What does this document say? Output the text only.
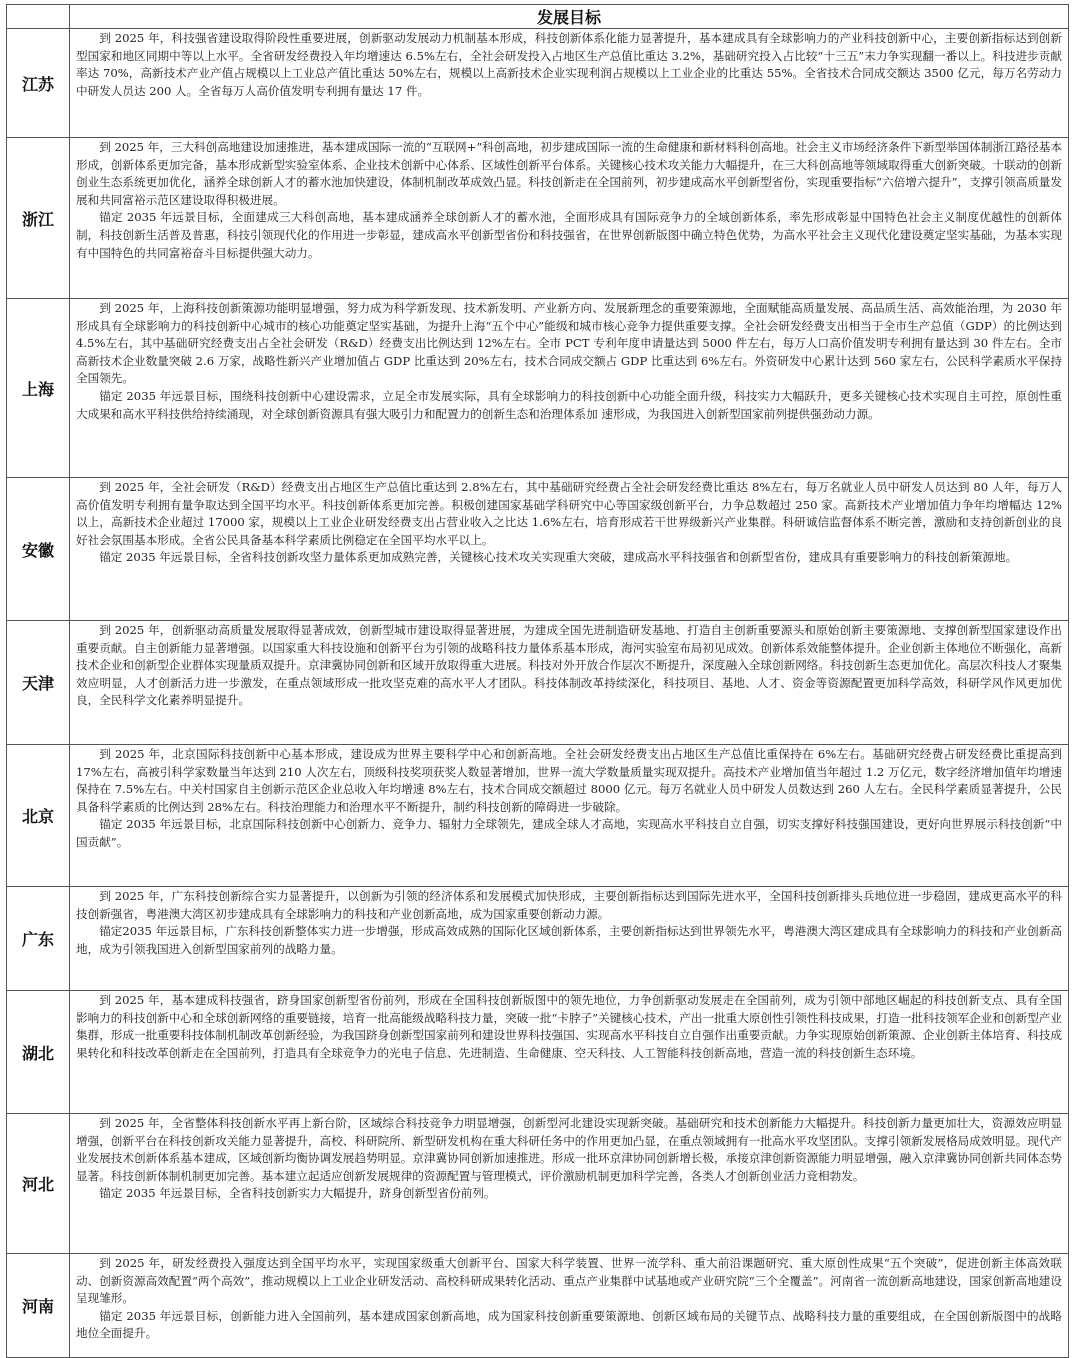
	发展目标
江苏	到 2025 年，科技强省建设取得阶段性重要进展，创新驱动发展动力机制基本形成，科技创新体系化能力显著提升，基本建成具有全球影响力的产业科技创新中心，主要创新指标达到创新型国家和地区同期中等以上水平。全省研发经费投入年均增速达 6.5%左右，全社会研发投入占地区生产总值比重达 3.2%，基础研究投入占比较“十三五”末力争实现翻一番以上。科技进步贡献率达 70%，高新技术产业产值占规模以上工业总产值比重达 50%左右，规模以上高新技术企业实现利润占规模以上工业企业的比重达 55%。全省技术合同成交额达 3500 亿元，每万名劳动力中研发人员达 200 人。全省每万人高价值发明专利拥有量达 17 件。

浙江	到 2025 年，三大科创高地建设加速推进，基本建成国际一流的“互联网+”科创高地，初步建成国际一流的生命健康和新材料科创高地。社会主义市场经济条件下新型举国体制浙江路径基本形成，创新体系更加完备，基本形成新型实验室体系、企业技术创新中心体系、区域性创新平台体系。关键核心技术攻关能力大幅提升，在三大科创高地等领域取得重大创新突破。十联动的创新创业生态系统更加优化，涵养全球创新人才的蓄水池加快建设，体制机制改革成效凸显。科技创新走在全国前列，初步建成高水平创新型省份，实现重要指标“六倍增六提升”，支撑引领高质量发展和共同富裕示范区建设取得积极进展。

锚定 2035 年远景目标，全面建成三大科创高地，基本建成涵养全球创新人才的蓄水池，全面形成具有国际竞争力的全域创新体系，率先形成彰显中国特色社会主义制度优越性的创新体制，科技创新生活普及普惠，科技引领现代化的作用进一步彰显，建成高水平创新型省份和科技强省，在世界创新版图中确立特色优势，为高水平社会主义现代化建设奠定坚实基础，为基本实现有中国特色的共同富裕奋斗目标提供强大动力。

上海	到 2025 年，上海科技创新策源功能明显增强，努力成为科学新发现、技术新发明、产业新方向、发展新理念的重要策源地，全面赋能高质量发展、高品质生活、高效能治理，为 2030 年形成具有全球影响力的科技创新中心城市的核心功能奠定坚实基础，为提升上海“五个中心”能级和城市核心竞争力提供重要支撑。全社会研发经费支出相当于全市生产总值（GDP）的比例达到 4.5%左右，其中基础研究经费支出占全社会研发（R&D）经费支出比例达到 12%左右。全市 PCT 专利年度申请量达到 5000 件左右，每万人口高价值发明专利拥有量达到 30 件左右。全市高新技术企业数量突破 2.6 万家，战略性新兴产业增加值占 GDP 比重达到 20%左右，技术合同成交额占 GDP 比重达到 6%左右。外资研发中心累计达到 560 家左右，公民科学素质水平保持全国领先。

锚定 2035 年远景目标，围绕科技创新中心建设需求，立足全市发展实际，具有全球影响力的科技创新中心功能全面升级，科技实力大幅跃升，更多关键核心技术实现自主可控，原创性重大成果和高水平科技供给持续涌现，对全球创新资源具有强大吸引力和配置力的创新生态和治理体系加 速形成，为我国进入创新型国家前列提供强劲动力源。

安徽	到 2025 年，全社会研发（R&D）经费支出占地区生产总值比重达到 2.8%左右，其中基础研究经费占全社会研发经费比重达 8%左右，每万名就业人员中研发人员达到 80 人年，每万人高价值发明专利拥有量争取达到全国平均水平。科技创新体系更加完善。积极创建国家基础学科研究中心等国家级创新平台，力争总数超过 250 家。高新技术产业增加值力争年均增幅达 12%以上，高新技术企业超过 17000 家，规模以上工业企业研发经费支出占营业收入之比达 1.6%左右，培育形成若干世界级新兴产业集群。科研诚信监督体系不断完善，激励和支持创新创业的良好社会氛围基本形成。全省公民具备基本科学素质比例稳定在全国平均水平以上。

锚定 2035 年远景目标，全省科技创新攻坚力量体系更加成熟完善，关键核心技术攻关实现重大突破，建成高水平科技强省和创新型省份，建成具有重要影响力的科技创新策源地。

天津	到 2025 年，创新驱动高质量发展取得显著成效，创新型城市建设取得显著进展，为建成全国先进制造研发基地、打造自主创新重要源头和原始创新主要策源地、支撑创新型国家建设作出重要贡献。自主创新能力显著增强。以国家重大科技设施和创新平台为引领的战略科技力量体系基本形成，海河实验室布局初见成效。创新体系效能整体提升。企业创新主体地位不断强化，高新技术企业和创新型企业群体实现量质双提升。京津冀协同创新和区域开放取得重大进展。科技对外开放合作层次不断提升，深度融入全球创新网络。科技创新生态更加优化。高层次科技人才聚集效应明显，人才创新活力进一步激发，在重点领域形成一批攻坚克难的高水平人才团队。科技体制改革持续深化，科技项目、基地、人才、资金等资源配置更加科学高效，科研学风作风更加优良，全民科学文化素养明显提升。

北京	到 2025 年，北京国际科技创新中心基本形成，建设成为世界主要科学中心和创新高地。全社会研发经费支出占地区生产总值比重保持在 6%左右。基础研究经费占研发经费比重提高到 17%左右，高被引科学家数量当年达到 210 人次左右，顶级科技奖项获奖人数显著增加，世界一流大学数量质量实现双提升。高技术产业增加值当年超过 1.2 万亿元，数字经济增加值年均增速保持在 7.5%左右。中关村国家自主创新示范区企业总收入年均增速 8%左右，技术合同成交额超过 8000 亿元。每万名就业人员中研发人员数达到 260 人左右。全民科学素质显著提升，公民具备科学素质的比例达到 28%左右。科技治理能力和治理水平不断提升，制约科技创新的障碍进一步破除。

锚定 2035 年远景目标，北京国际科技创新中心创新力、竞争力、辐射力全球领先，建成全球人才高地，实现高水平科技自立自强，切实支撑好科技强国建设，更好向世界展示科技创新“中国贡献”。

广东	到 2025 年，广东科技创新综合实力显著提升，以创新为引领的经济体系和发展模式加快形成，主要创新指标达到国际先进水平，全国科技创新排头兵地位进一步稳固，建成更高水平的科技创新强省，粤港澳大湾区初步建成具有全球影响力的科技和产业创新高地，成为国家重要创新动力源。

锚定2035 年远景目标，广东科技创新整体实力进一步增强，形成高效成熟的国际化区域创新体系，主要创新指标达到世界领先水平，粤港澳大湾区建成具有全球影响力的科技和产业创新高地，成为引领我国进入创新型国家前列的战略力量。

湖北	到 2025 年，基本建成科技强省，跻身国家创新型省份前列，形成在全国科技创新版图中的领先地位，力争创新驱动发展走在全国前列，成为引领中部地区崛起的科技创新支点、具有全国影响力的科技创新中心和全球创新网络的重要链接，培育一批高能级战略科技力量，突破一批“卡脖子”关键核心技术，产出一批重大原创性引领性科技成果，打造一批科技领军企业和创新型产业集群，形成一批重要科技体制机制改革创新经验，为我国跻身创新型国家前列和建设世界科技强国、实现高水平科技自立自强作出重要贡献。力争实现原始创新策源、企业创新主体培育、科技成果转化和科技改革创新走在全国前列，打造具有全球竞争力的光电子信息、先进制造、生命健康、空天科技、人工智能科技创新高地，营造一流的科技创新生态环境。

河北	到 2025 年，全省整体科技创新水平再上新台阶，区域综合科技竞争力明显增强，创新型河北建设实现新突破。基础研究和技术创新能力大幅提升。科技创新力量更加壮大，资源效应明显增强，创新平台在科技创新攻关能力显著提升，高校、科研院所、新型研发机构在重大科研任务中的作用更加凸显，在重点领域拥有一批高水平攻坚团队。支撑引领新发展格局成效明显。现代产业发展技术创新体系基本建成，区域创新均衡协调发展趋势明显。京津冀协同创新加速推进。形成一批环京津协同创新增长极，承接京津创新资源能力明显增强，融入京津冀协同创新共同体态势显著。科技创新体制机制更加完善。基本建立起适应创新发展规律的资源配置与管理模式，评价激励机制更加科学完善，各类人才创新创业活力竞相勃发。

锚定 2035 年远景目标，全省科技创新实力大幅提升，跻身创新型省份前列。

河南	到 2025 年，研发经费投入强度达到全国平均水平，实现国家级重大创新平台、国家大科学装置、世界一流学科、重大前沿课题研究、重大原创性成果“五个突破”，促进创新主体高效联动、创新资源高效配置“两个高效”，推动规模以上工业企业研发活动、高校科研成果转化活动、重点产业集群中试基地或产业研究院“三个全覆盖”。河南省一流创新高地建设，国家创新高地建设呈现雏形。

锚定 2035 年远景目标，创新能力进入全国前列，基本建成国家创新高地，成为国家科技创新重要策源地、创新区域布局的关键节点、战略科技力量的重要组成，在全国创新版图中的战略地位全面提升。
